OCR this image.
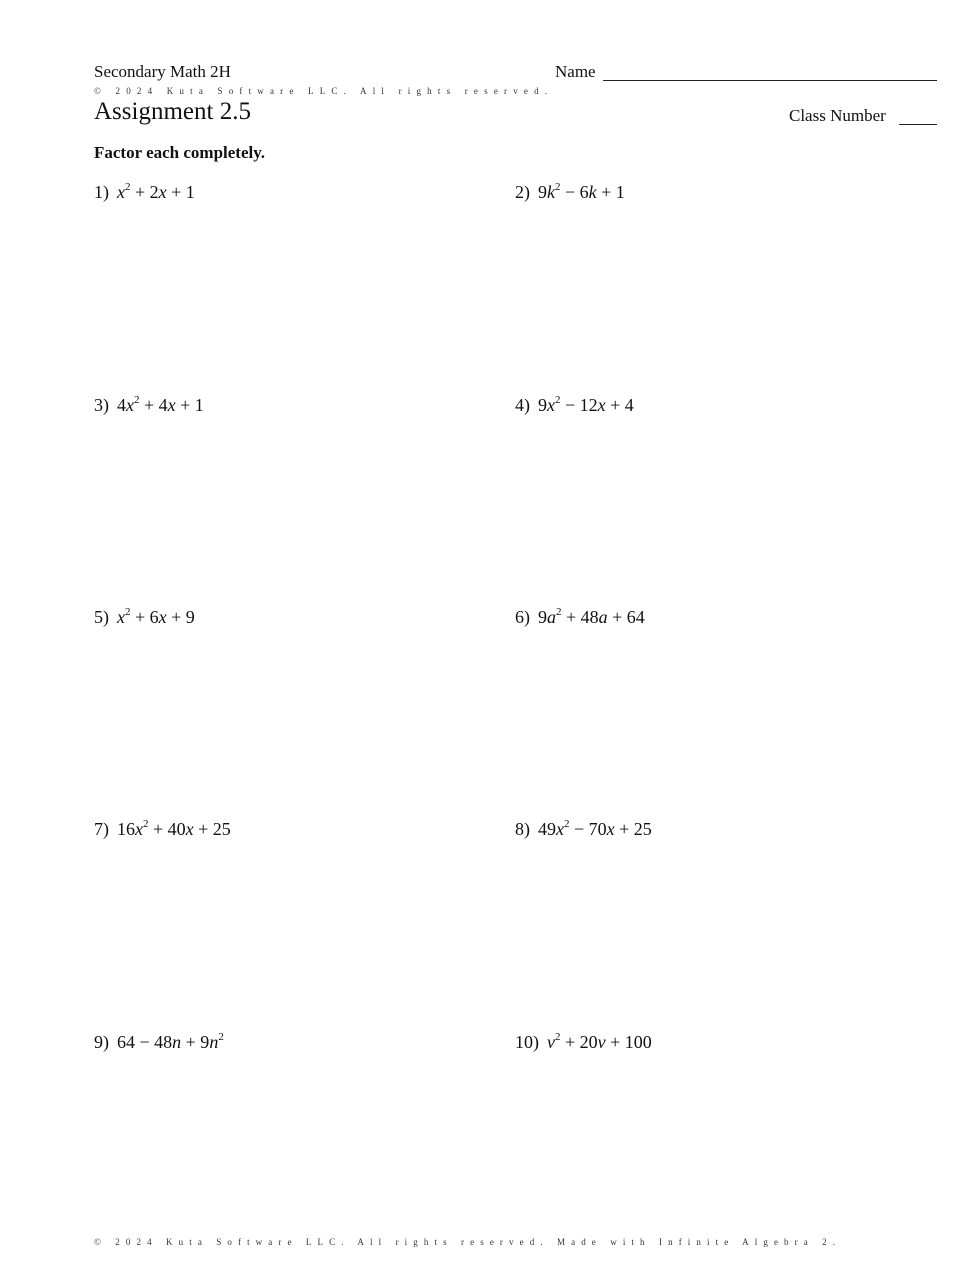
Secondary Math 2H	Name
© 2024 Kuta Software LLC. All rights reserved.
Assignment 2.5	Class Number
Factor each completely.
1) $x^2 + 2x + 1$	2) $9k^2 - 6k + 1$
3) $4x^2 + 4x + 1$	4) $9x^2 - 12x + 4$
5) $x^2 + 6x + 9$	6) $9a^2 + 48a + 64$
7) $16x^2 + 40x + 25$	8) $49x^2 - 70x + 25$
9) $64 - 48n + 9n^2$	10) $v^2 + 20v + 100$
© 2024 Kuta Software LLC. All rights reserved. Made with Infinite Algebra 2.
